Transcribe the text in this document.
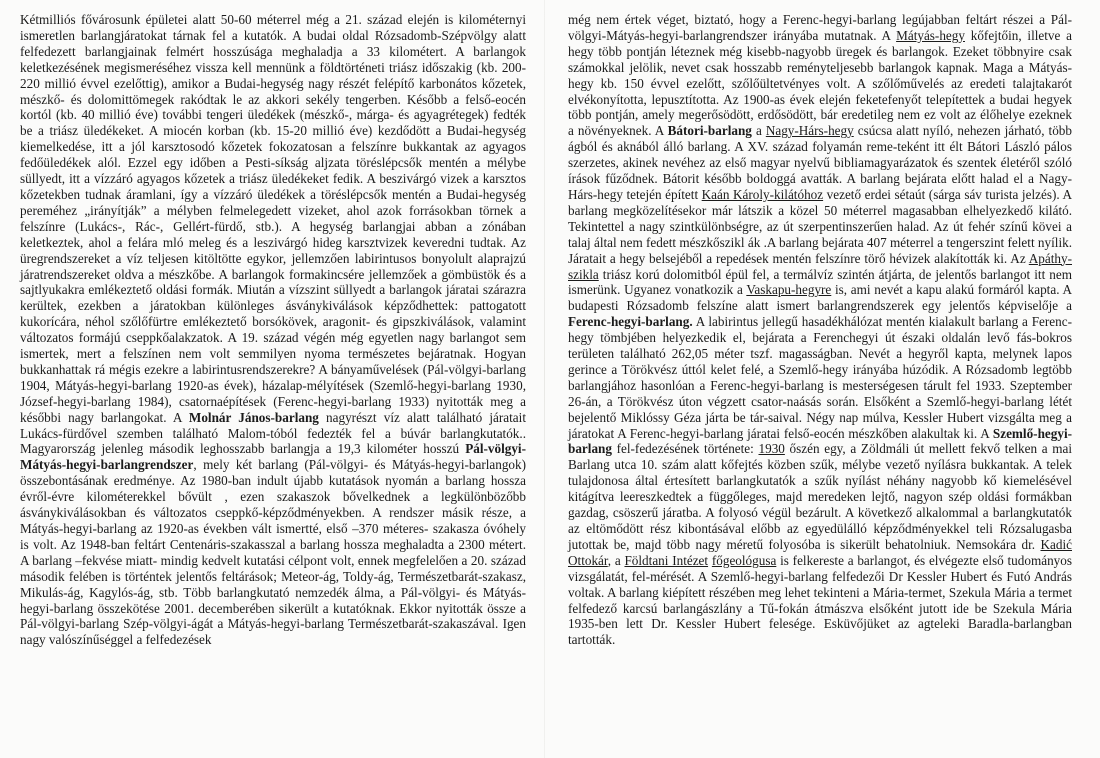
Kétmilliós fővárosunk épületei alatt 50-60 méterrel még a 21. század elején is kilométernyi ismeretlen barlangjáratokat tárnak fel a kutatók. A budai oldal Rózsadomb-Szépvölgy alatt felfedezett barlangjainak felmért hosszúsága meghaladja a 33 kilométert. A barlangok keletkezésének megismeréséhez vissza kell mennünk a földtörténeti triász időszakig (kb. 200-220 millió évvel ezelőttig), amikor a Budai-hegység nagy részét felépítő karbonátos kőzetek, mészkő- és dolomittömegek rakódtak le az akkori sekély tengerben. Később a felső-eocén kortól (kb. 40 millió éve) további tengeri üledékek (mészkő-, márga- és agyagrétegek) fedték be a triász üledékeket. A miocén korban (kb. 15-20 millió éve) kezdődött a Budai-hegység kiemelkedése, itt a jól karsztosodó kőzetek fokozatosan a felszínre bukkantak az agyagos fedőüledékek alól. Ezzel egy időben a Pesti-síkság aljzata töréslépcsők mentén a mélybe süllyedt, itt a vízzáró agyagos kőzetek a triász üledékeket fedik. A beszivárgó vizek a karsztos kőzetekben tudnak áramlani, így a vízzáró üledékek a töréslépcsők mentén a Budai-hegység pereméhez „irányítják” a mélyben felmelegedett vizeket, ahol azok forrásokban törnek a felszínre (Lukács-, Rác-, Gellért-fürdő, stb.). A hegység barlangjai abban a zónában keletkeztek, ahol a felára mló meleg és a leszivárgó hideg karsztvizek keveredni tudtak. Az üregrendszereket a víz teljesen kitöltötte egykor, jellemzően labirintusos bonyolult alaprajzú járatrendszereket oldva a mészkőbe. A barlangok formakincsére jellemzőek a gömbüstök és a sajtlyukakra emlékeztető oldási formák. Miután a vízszint süllyedt a barlangok járatai szárazra kerültek, ezekben a járatokban különleges ásványkiválások képződhettek: pattogatott kukorícára, néhol szőlőfürtre emlékeztető borsókövek, aragonit- és gipszkiválások, valamint változatos formájú cseppkőalakzatok. A 19. század végén még egyetlen nagy barlangot sem ismertek, mert a felszínen nem volt semmilyen nyoma természetes bejáratnak. Hogyan bukkanhattak rá mégis ezekre a labirintusrendszerekre? A bányaművelések (Pál-völgyi-barlang 1904, Mátyás-hegyi-barlang 1920-as évek), házalap-mélyítések (Szemlő-hegyi-barlang 1930, József-hegyi-barlang 1984), csatornaépítések (Ferenc-hegyi-barlang 1933) nyitották meg a későbbi nagy barlangokat. A Molnár János-barlang nagyrészt víz alatt található járatait Lukács-fürdővel szemben található Malom-tóból fedezték fel a búvár barlangkutatók.. Magyarország jelenleg második leghosszabb barlangja a 19,3 kilométer hosszú Pál-völgyi-Mátyás-hegyi-barlangrendszer, mely két barlang (Pál-völgyi- és Mátyás-hegyi-barlangok) összebontásának eredménye. Az 1980-ban indult újabb kutatások nyomán a barlang hossza évről-évre kilométerekkel bővült , ezen szakaszok bővelkednek a legkülönbözőbb ásványkiválásokban és változatos cseppkő-képződményekben. A rendszer másik része, a Mátyás-hegyi-barlang az 1920-as években vált ismertté, első –370 méteres- szakasza óvóhely is volt. Az 1948-ban feltárt Centenáris-szakasszal a barlang hossza meghaladta a 2300 métert. A barlang –fekvése miatt- mindig kedvelt kutatási célpont volt, ennek megfelelően a 20. század második felében is történtek jelentős feltárások; Meteor-ág, Toldy-ág, Természetbarát-szakasz, Mikulás-ág, Kagylós-ág, stb. Több barlangkutató nemzedék álma, a Pál-völgyi- és Mátyás-hegyi-barlang összekötése 2001. decemberében sikerült a kutatóknak. Ekkor nyitották össze a Pál-völgyi-barlang Szép-völgyi-ágát a Mátyás-hegyi-barlang Természetbarát-szakaszával. Igen nagy valószínűséggel a felfedezések

még nem értek véget, biztató, hogy a Ferenc-hegyi-barlang legújabban feltárt részei a Pál-völgyi-Mátyás-hegyi-barlangrendszer irányába mutatnak. A Mátyás-hegy kőfejtőin, illetve a hegy több pontján léteznek még kisebb-nagyobb üregek és barlangok. Ezeket többnyire csak számokkal jelölik, nevet csak hosszabb reményteljesebb barlangok kapnak. Maga a Mátyás-hegy kb. 150 évvel ezelőtt, szőlőültetvényes volt. A szőlőművelés az eredeti talajtakarót elvékonyította, lepusztította. Az 1900-as évek elején feketefenyőt telepítettek a budai hegyek több pontján, amely megerősödött, erdősödött, bár eredetileg nem ez volt az élőhelye ezeknek a növényeknek. A Bátori-barlang a Nagy-Hárs-hegy csúcsa alatt nyíló, nehezen járható, több ágból és aknából álló barlang. A XV. század folyamán reme-teként itt élt Bátori László pálos szerzetes, akinek nevéhez az első magyar nyelvű bibliamagyarázatok és szentek életéről szóló írások fűződnek. Bátorit később boldoggá avatták. A barlang bejárata előtt halad el a Nagy-Hárs-hegy tetején épített Kaán Károly-kilátóhoz vezető erdei sétaút (sárga sáv turista jelzés). A barlang megközelítésekor már látszik a közel 50 méterrel magasabban elhelyezkedő kilátó. Tekintettel a nagy szintkülönbségre, az út szerpentinszerűen halad. Az út fehér színű kövei a talaj által nem fedett mészkőszikl ák .A barlang bejárata 407 méterrel a tengerszint felett nyílik. Járatait a hegy belsejéből a repedések mentén felszínre törő hévizek alakították ki. Az Apáthy-szikla triász korú dolomitból épül fel, a termálvíz szintén átjárta, de jelentős barlangot itt nem ismerünk. Ugyanez vonatkozik a Vaskapu-hegyre is, ami nevét a kapu alakú formáról kapta. A budapesti Rózsadomb felszíne alatt ismert barlangrendszerek egy jelentős képviselője a Ferenc-hegyi-barlang. A labirintus jellegű hasadékhálózat mentén kialakult barlang a Ferenc-hegy tömbjében helyezkedik el, bejárata a Ferenchegyi út északi oldalán levő fás-bokros területen található 262,05 méter tszf. magasságban. Nevét a hegyről kapta, melynek lapos gerince a Törökvész úttól kelet felé, a Szemlő-hegy irányába húzódik. A Rózsadomb legtöbb barlangjához hasonlóan a Ferenc-hegyi-barlang is mesterségesen tárult fel 1933. Szeptember 26-án, a Törökvész úton végzett csator-naásás során. Elsőként a Szemlő-hegyi-barlang létét bejelentő Miklóssy Géza járta be tár-saival. Négy nap múlva, Kessler Hubert vizsgálta meg a járatokat A Ferenc-hegyi-barlang járatai felső-eocén mészkőben alakultak ki. A Szemlő-hegyi-barlang fel-fedezésének története: 1930 őszén egy, a Zöldmáli út mellett fekvő telken a mai Barlang utca 10. szám alatt kőfejtés közben szűk, mélybe vezető nyílásra bukkantak. A telek tulajdonosa által értesített barlangkutatók a szűk nyílást néhány nagyobb kő kiemelésével kitágítva leereszkedtek a függőleges, majd meredeken lejtő, nagyon szép oldási formákban gazdag, csöszerű járatba. A folyosó végül bezárult. A következő alkalommal a barlangkutatók az eltömődött rész kibontásával előbb az egyedülálló képződményekkel teli Rózsalugasba jutottak be, majd több nagy méretű folyosóba is sikerült behatolniuk. Nemsokára dr. Kadić Ottokár, a Földtani Intézet főgeológusa is felkereste a barlangot, és elvégezte első tudományos vizsgálatát, fel-mérését. A Szemlő-hegyi-barlang felfedezői Dr Kessler Hubert és Futó András voltak. A barlang kiépített részében meg lehet tekinteni a Mária-termet, Szekula Mária a termet felfedező karcsú barlangászlány a Tű-fokán átmászva elsőként jutott ide be Szekula Mária 1935-ben lett Dr. Kessler Hubert felesége. Esküvőjüket az agteleki Baradla-barlangban tartották.
